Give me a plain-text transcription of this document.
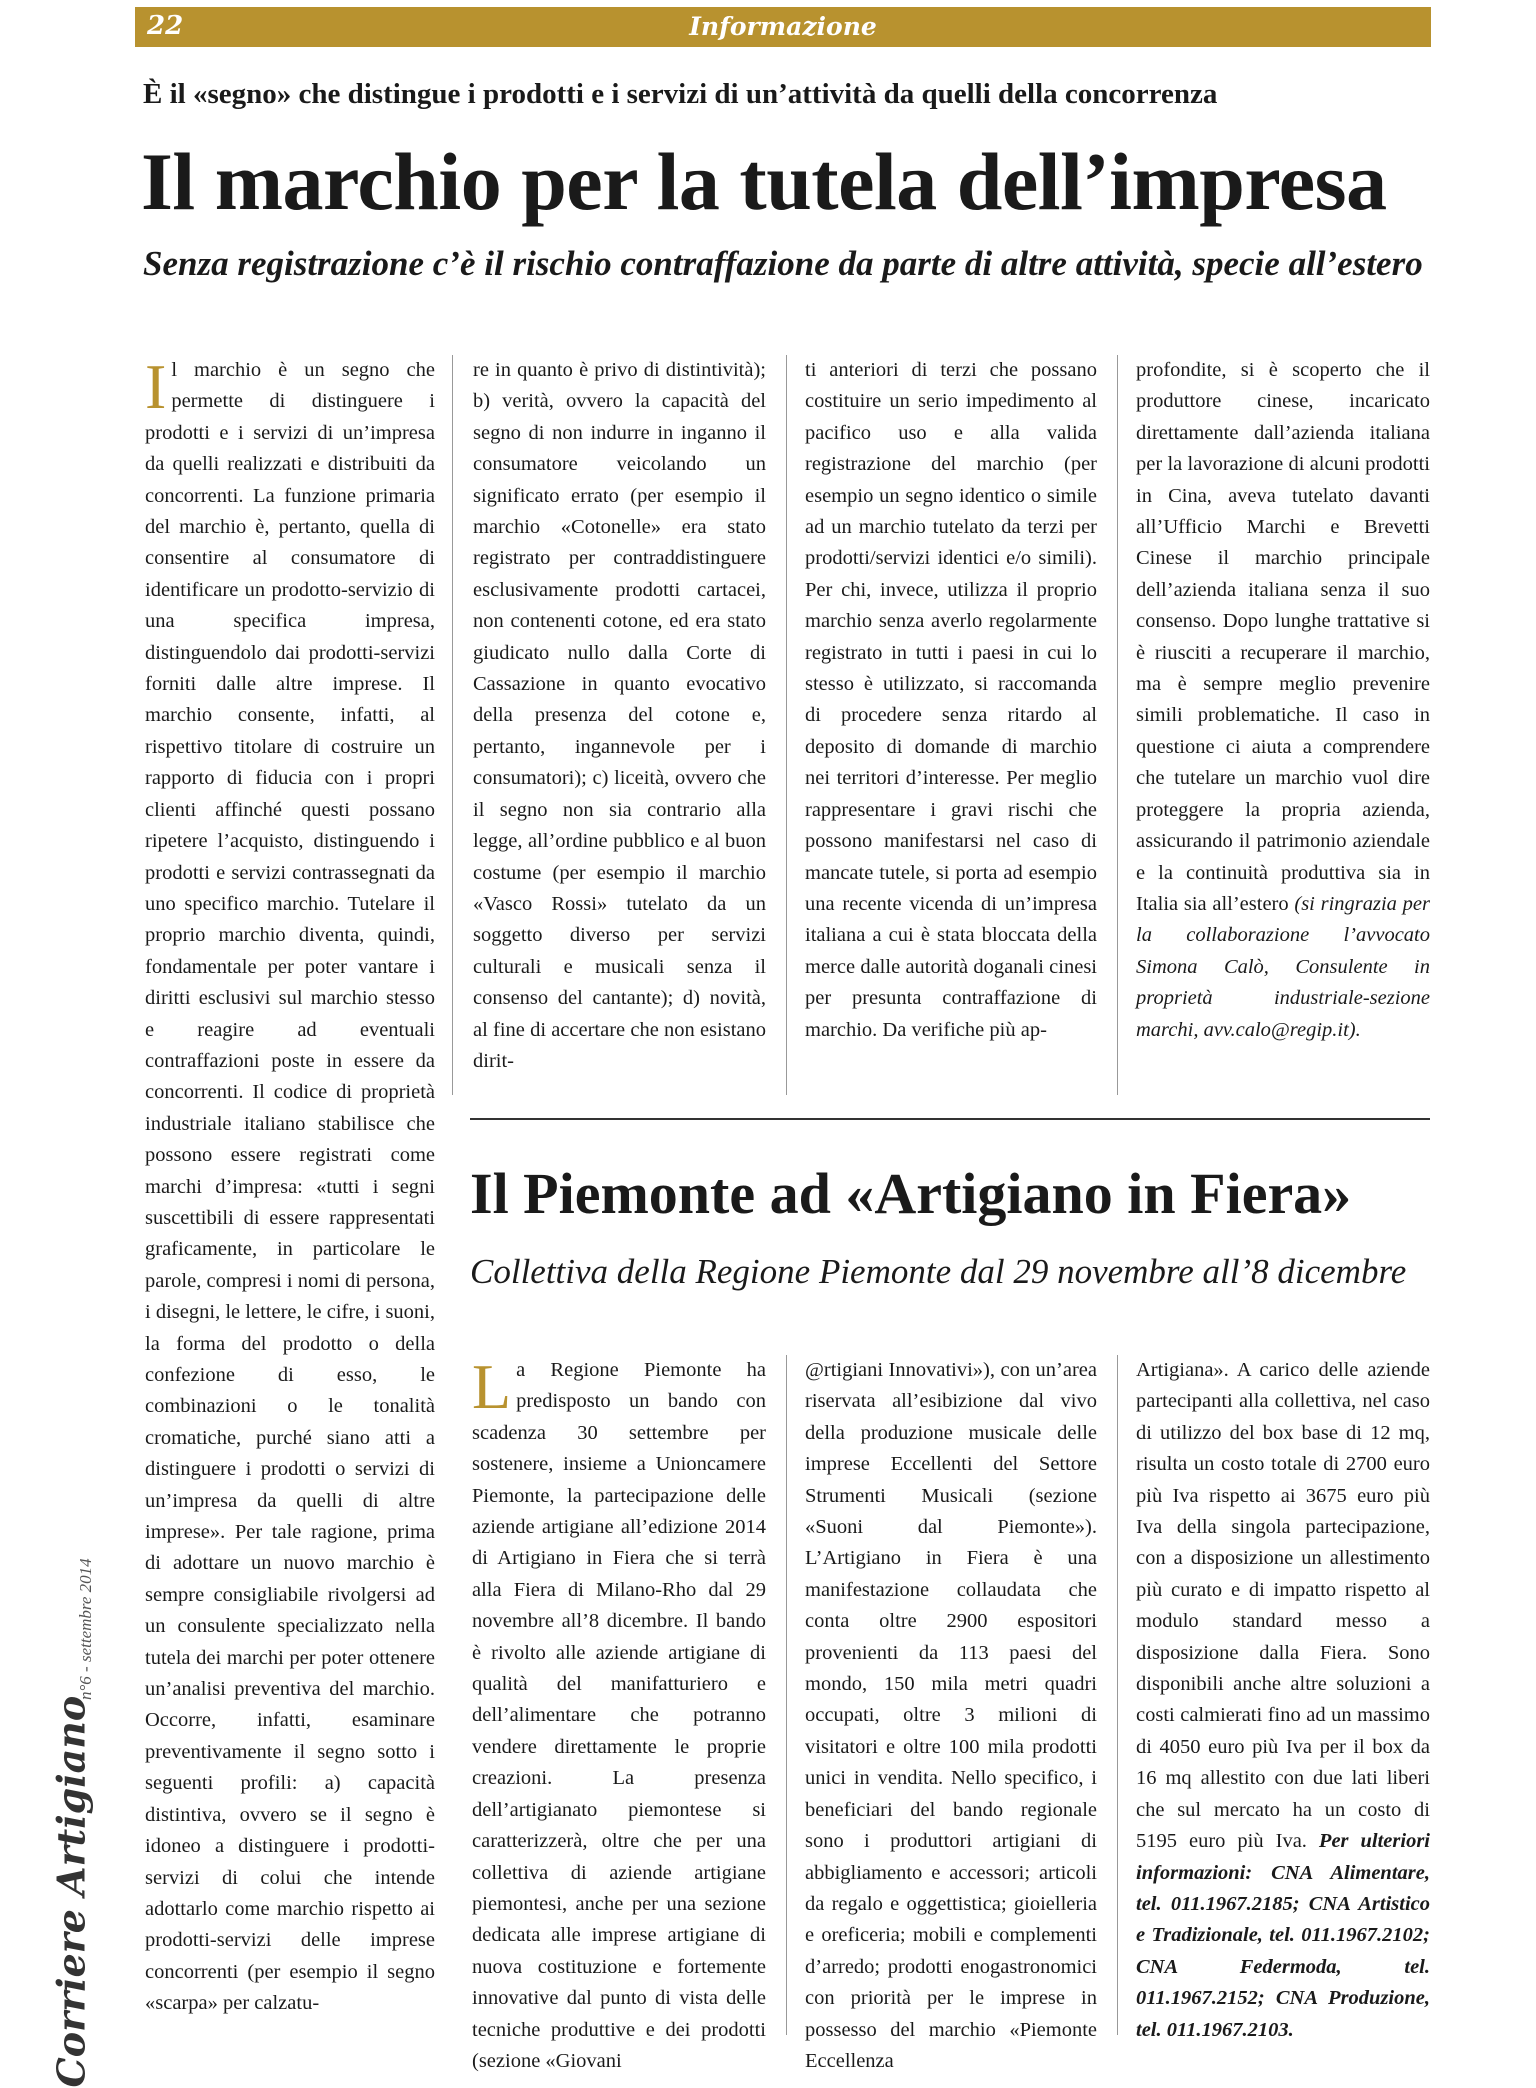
22	Informazione
È il «segno» che distingue i prodotti e i servizi di un’attività da quelli della concorrenza
Il marchio per la tutela dell’impresa
Senza registrazione c’è il rischio contraffazione da parte di altre attività, specie all’estero

Il marchio è un segno che permette di distinguere i prodotti e i servizi di un’impresa da quelli realizzati e distribuiti da concorrenti. La funzione primaria del marchio è, pertanto, quella di consentire al consumatore di identificare un prodotto-servizio di una specifica impresa, distinguendolo dai prodotti-servizi forniti dalle altre imprese. Il marchio consente, infatti, al rispettivo titolare di costruire un rapporto di fiducia con i propri clienti affinché questi possano ripetere l’acquisto, distinguendo i prodotti e servizi contrassegnati da uno specifico marchio. Tutelare il proprio marchio diventa, quindi, fondamentale per poter vantare i diritti esclusivi sul marchio stesso e reagire ad eventuali contraffazioni poste in essere da concorrenti. Il codice di proprietà industriale italiano stabilisce che possono essere registrati come marchi d’impresa: «tutti i segni suscettibili di essere rappresentati graficamente, in particolare le parole, compresi i nomi di persona, i disegni, le lettere, le cifre, i suoni, la forma del prodotto o della confezione di esso, le combinazioni o le tonalità cromatiche, purché siano atti a distinguere i prodotti o servizi di un’impresa da quelli di altre imprese». Per tale ragione, prima di adottare un nuovo marchio è sempre consigliabile rivolgersi ad un consulente specializzato nella tutela dei marchi per poter ottenere un’analisi preventiva del marchio. Occorre, infatti, esaminare preventivamente il segno sotto i seguenti profili: a) capacità distintiva, ovvero se il segno è idoneo a distinguere i prodotti-servizi di colui che intende adottarlo come marchio rispetto ai prodotti-servizi delle imprese concorrenti (per esempio il segno «scarpa» per calzatu-

re in quanto è privo di distintività); b) verità, ovvero la capacità del segno di non indurre in inganno il consumatore veicolando un significato errato (per esempio il marchio «Cotonelle» era stato registrato per contraddistinguere esclusivamente prodotti cartacei, non contenenti cotone, ed era stato giudicato nullo dalla Corte di Cassazione in quanto evocativo della presenza del cotone e, pertanto, ingannevole per i consumatori); c) liceità, ovvero che il segno non sia contrario alla legge, all’ordine pubblico e al buon costume (per esempio il marchio «Vasco Rossi» tutelato da un soggetto diverso per servizi culturali e musicali senza il consenso del cantante); d) novità, al fine di accertare che non esistano dirit-

ti anteriori di terzi che possano costituire un serio impedimento al pacifico uso e alla valida registrazione del marchio (per esempio un segno identico o simile ad un marchio tutelato da terzi per prodotti/servizi identici e/o simili). Per chi, invece, utilizza il proprio marchio senza averlo regolarmente registrato in tutti i paesi in cui lo stesso è utilizzato, si raccomanda di procedere senza ritardo al deposito di domande di marchio nei territori d’interesse. Per meglio rappresentare i gravi rischi che possono manifestarsi nel caso di mancate tutele, si porta ad esempio una recente vicenda di un’impresa italiana a cui è stata bloccata della merce dalle autorità doganali cinesi per presunta contraffazione di marchio. Da verifiche più ap-

profondite, si è scoperto che il produttore cinese, incaricato direttamente dall’azienda italiana per la lavorazione di alcuni prodotti in Cina, aveva tutelato davanti all’Ufficio Marchi e Brevetti Cinese il marchio principale dell’azienda italiana senza il suo consenso. Dopo lunghe trattative si è riusciti a recuperare il marchio, ma è sempre meglio prevenire simili problematiche. Il caso in questione ci aiuta a comprendere che tutelare un marchio vuol dire proteggere la propria azienda, assicurando il patrimonio aziendale e la continuità produttiva sia in Italia sia all’estero (si ringrazia per la collaborazione l’avvocato Simona Calò, Consulente in proprietà industriale-sezione marchi, avv.calo@regip.it).

Il Piemonte ad «Artigiano in Fiera»
Collettiva della Regione Piemonte dal 29 novembre all’8 dicembre

La Regione Piemonte ha predisposto un bando con scadenza 30 settembre per sostenere, insieme a Unioncamere Piemonte, la partecipazione delle aziende artigiane all’edizione 2014 di Artigiano in Fiera che si terrà alla Fiera di Milano-Rho dal 29 novembre all’8 dicembre. Il bando è rivolto alle aziende artigiane di qualità del manifatturiero e dell’alimentare che potranno vendere direttamente le proprie creazioni. La presenza dell’artigianato piemontese si caratterizzerà, oltre che per una collettiva di aziende artigiane piemontesi, anche per una sezione dedicata alle imprese artigiane di nuova costituzione e fortemente innovative dal punto di vista delle tecniche produttive e dei prodotti (sezione «Giovani

@rtigiani Innovativi»), con un’area riservata all’esibizione dal vivo della produzione musicale delle imprese Eccellenti del Settore Strumenti Musicali (sezione «Suoni dal Piemonte»). L’Artigiano in Fiera è una manifestazione collaudata che conta oltre 2900 espositori provenienti da 113 paesi del mondo, 150 mila metri quadri occupati, oltre 3 milioni di visitatori e oltre 100 mila prodotti unici in vendita. Nello specifico, i beneficiari del bando regionale sono i produttori artigiani di abbigliamento e accessori; articoli da regalo e oggettistica; gioielleria e oreficeria; mobili e complementi d’arredo; prodotti enogastronomici con priorità per le imprese in possesso del marchio «Piemonte Eccellenza

Artigiana». A carico delle aziende partecipanti alla collettiva, nel caso di utilizzo del box base di 12 mq, risulta un costo totale di 2700 euro più Iva rispetto ai 3675 euro più Iva della singola partecipazione, con a disposizione un allestimento più curato e di impatto rispetto al modulo standard messo a disposizione dalla Fiera. Sono disponibili anche altre soluzioni a costi calmierati fino ad un massimo di 4050 euro più Iva per il box da 16 mq allestito con due lati liberi che sul mercato ha un costo di 5195 euro più Iva. Per ulteriori informazioni: CNA Alimentare, tel. 011.1967.2185; CNA Artistico e Tradizionale, tel. 011.1967.2102; CNA Federmoda, tel. 011.1967.2152; CNA Produzione, tel. 011.1967.2103.

Corriere Artigiano
n°6 - settembre 2014
